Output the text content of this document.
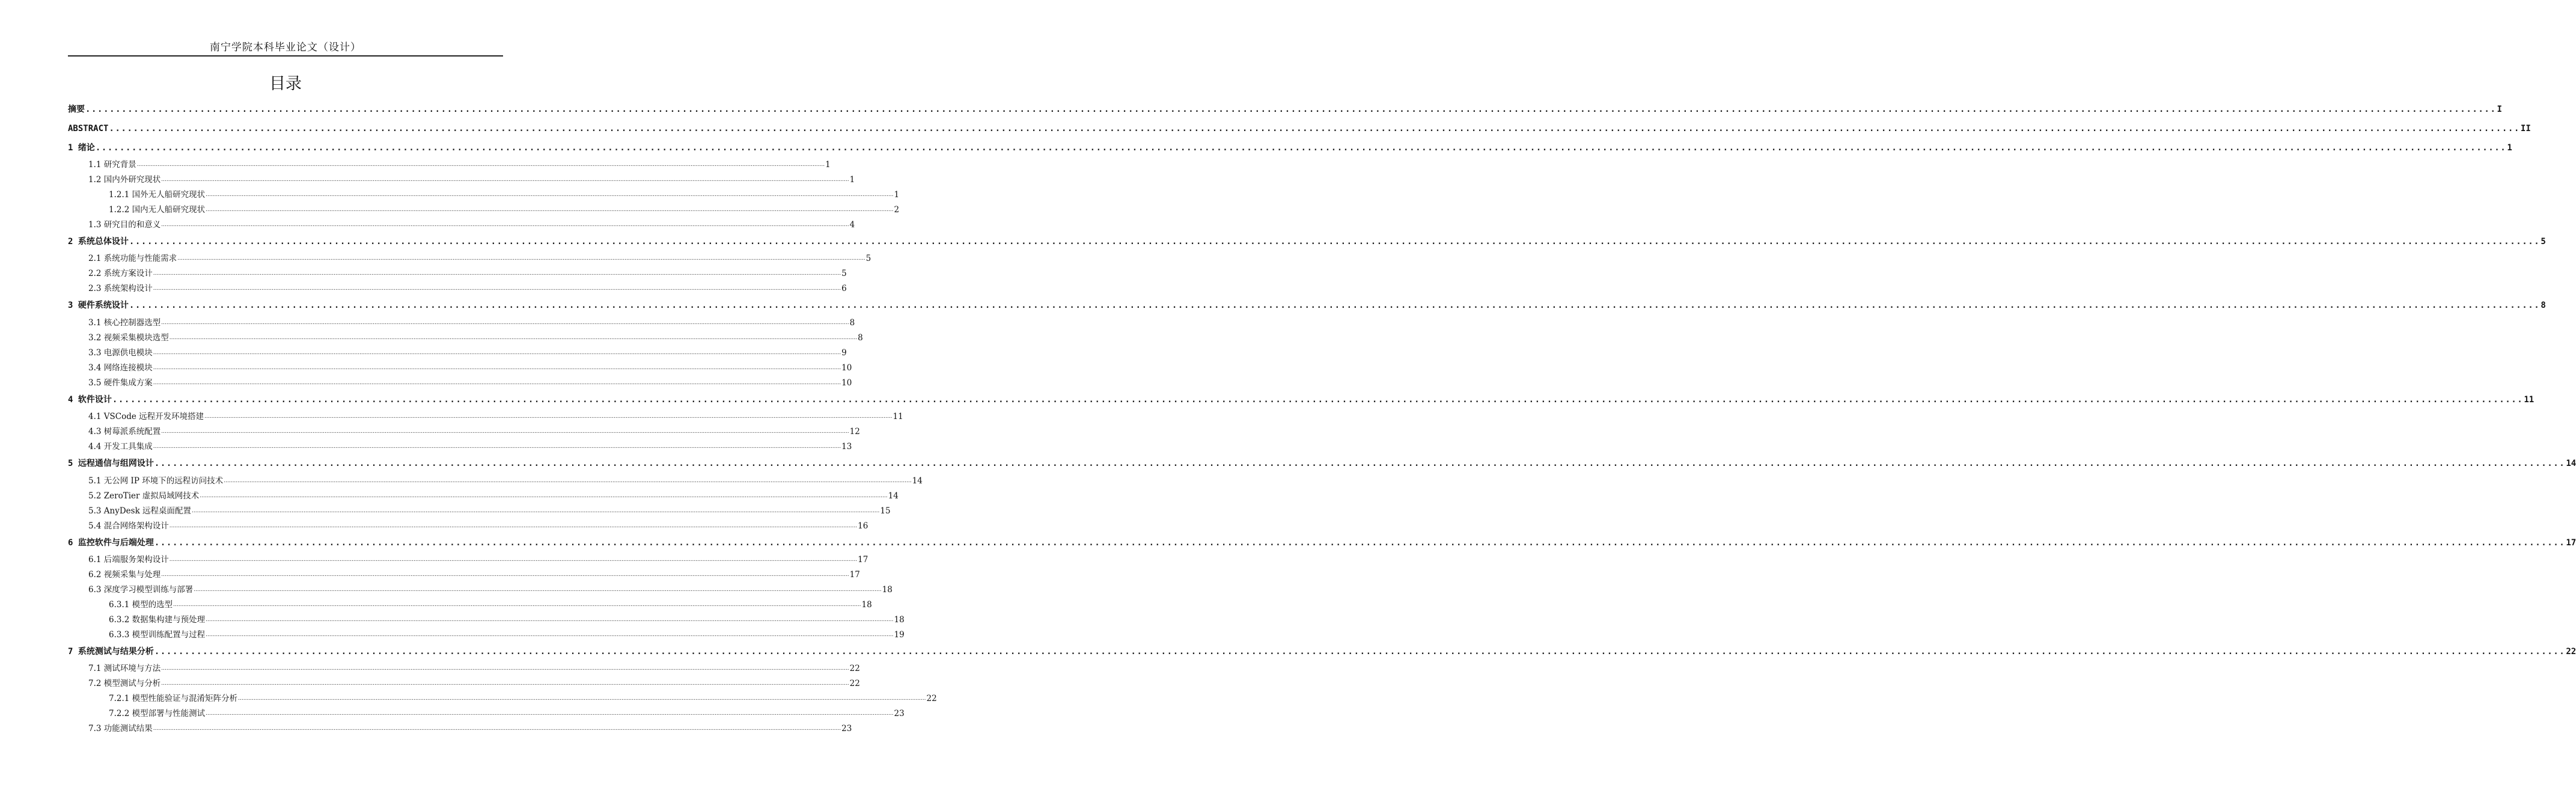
南宁学院本科毕业论文（设计）
目录
摘要 ................................................................................................................................................................................................................................................................................................................................................................................................................ I
ABSTRACT ................................................................................................................................................................................................................................................................................................................................................................................................................ II
1 绪论 ................................................................................................................................................................................................................................................................................................................................................................................................................ 1
1.1 研究背景 ................................................................................................................................................................................................................................................................................................................................................................................................................ 1
1.2 国内外研究现状 ................................................................................................................................................................................................................................................................................................................................................................................................................ 1
1.2.1 国外无人船研究现状 ................................................................................................................................................................................................................................................................................................................................................................................................................ 1
1.2.2 国内无人船研究现状 ................................................................................................................................................................................................................................................................................................................................................................................................................ 2
1.3 研究目的和意义 ................................................................................................................................................................................................................................................................................................................................................................................................................ 4
2 系统总体设计 ................................................................................................................................................................................................................................................................................................................................................................................................................ 5
2.1 系统功能与性能需求 ................................................................................................................................................................................................................................................................................................................................................................................................................ 5
2.2 系统方案设计 ................................................................................................................................................................................................................................................................................................................................................................................................................ 5
2.3 系统架构设计 ................................................................................................................................................................................................................................................................................................................................................................................................................ 6
3 硬件系统设计 ................................................................................................................................................................................................................................................................................................................................................................................................................ 8
3.1 核心控制器选型 ................................................................................................................................................................................................................................................................................................................................................................................................................ 8
3.2 视频采集模块选型 ................................................................................................................................................................................................................................................................................................................................................................................................................ 8
3.3 电源供电模块 ................................................................................................................................................................................................................................................................................................................................................................................................................ 9
3.4 网络连接模块 ................................................................................................................................................................................................................................................................................................................................................................................................................ 10
3.5 硬件集成方案 ................................................................................................................................................................................................................................................................................................................................................................................................................ 10
4 软件设计 ................................................................................................................................................................................................................................................................................................................................................................................................................ 11
4.1 VSCode 远程开发环境搭建 ................................................................................................................................................................................................................................................................................................................................................................................................................ 11
4.3 树莓派系统配置 ................................................................................................................................................................................................................................................................................................................................................................................................................ 12
4.4 开发工具集成 ................................................................................................................................................................................................................................................................................................................................................................................................................ 13
5 远程通信与组网设计 ................................................................................................................................................................................................................................................................................................................................................................................................................ 14
5.1 无公网 IP 环境下的远程访问技术 ................................................................................................................................................................................................................................................................................................................................................................................................................ 14
5.2 ZeroTier 虚拟局域网技术 ................................................................................................................................................................................................................................................................................................................................................................................................................ 14
5.3 AnyDesk 远程桌面配置 ................................................................................................................................................................................................................................................................................................................................................................................................................ 15
5.4 混合网络架构设计 ................................................................................................................................................................................................................................................................................................................................................................................................................ 16
6 监控软件与后端处理 ................................................................................................................................................................................................................................................................................................................................................................................................................ 17
6.1 后端服务架构设计 ................................................................................................................................................................................................................................................................................................................................................................................................................ 17
6.2 视频采集与处理 ................................................................................................................................................................................................................................................................................................................................................................................................................ 17
6.3 深度学习模型训练与部署 ................................................................................................................................................................................................................................................................................................................................................................................................................ 18
6.3.1 模型的选型 ................................................................................................................................................................................................................................................................................................................................................................................................................ 18
6.3.2 数据集构建与预处理 ................................................................................................................................................................................................................................................................................................................................................................................................................ 18
6.3.3 模型训练配置与过程 ................................................................................................................................................................................................................................................................................................................................................................................................................ 19
7 系统测试与结果分析 ................................................................................................................................................................................................................................................................................................................................................................................................................ 22
7.1 测试环境与方法 ................................................................................................................................................................................................................................................................................................................................................................................................................ 22
7.2 模型测试与分析 ................................................................................................................................................................................................................................................................................................................................................................................................................ 22
7.2.1 模型性能验证与混淆矩阵分析 ................................................................................................................................................................................................................................................................................................................................................................................................................ 22
7.2.2 模型部署与性能测试 ................................................................................................................................................................................................................................................................................................................................................................................................................ 23
7.3 功能测试结果 ................................................................................................................................................................................................................................................................................................................................................................................................................ 23
